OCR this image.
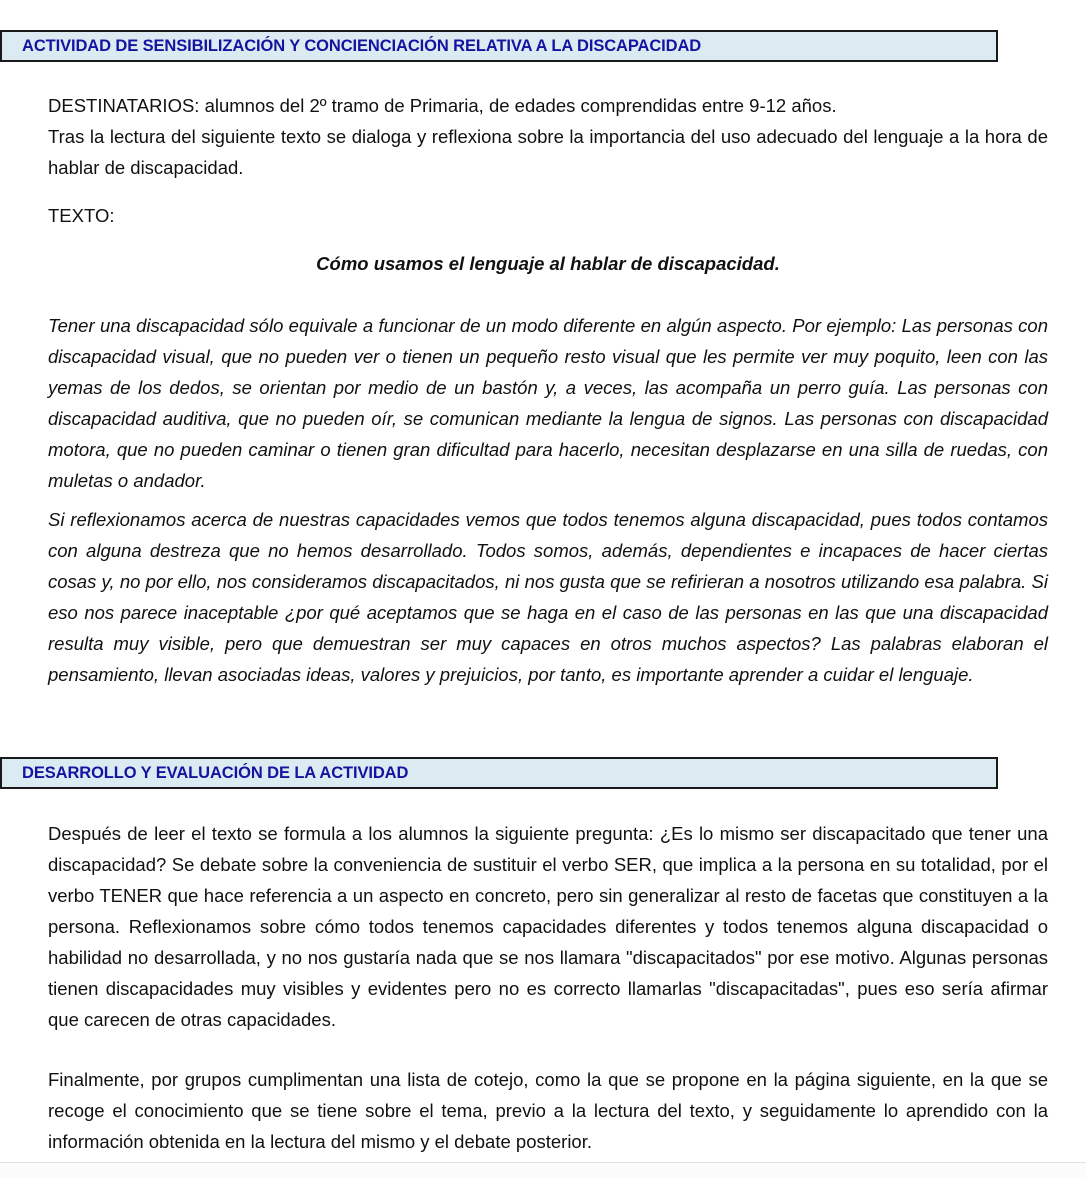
ACTIVIDAD DE SENSIBILIZACIÓN Y CONCIENCIACIÓN RELATIVA A LA DISCAPACIDAD

DESTINATARIOS: alumnos del 2º tramo de Primaria, de edades comprendidas entre 9-12 años.

Tras la lectura del siguiente texto se dialoga y reflexiona sobre la importancia del uso adecuado del lenguaje a la hora de hablar de discapacidad.

TEXTO:

Cómo usamos el lenguaje al hablar de discapacidad.

Tener una discapacidad sólo equivale a funcionar de un modo diferente en algún aspecto. Por ejemplo: Las personas con discapacidad visual, que no pueden ver o tienen un pequeño resto visual que les permite ver muy poquito, leen con las yemas de los dedos, se orientan por medio de un bastón y, a veces, las acompaña un perro guía. Las personas con discapacidad auditiva, que no pueden oír, se comunican mediante la lengua de signos. Las personas con discapacidad motora, que no pueden caminar o tienen gran dificultad para hacerlo, necesitan desplazarse en una silla de ruedas, con muletas o andador.

Si reflexionamos acerca de nuestras capacidades vemos que todos tenemos alguna discapacidad, pues todos contamos con alguna destreza que no hemos desarrollado. Todos somos, además, dependientes e incapaces de hacer ciertas cosas y, no por ello, nos consideramos discapacitados, ni nos gusta que se refirieran a nosotros utilizando esa palabra. Si eso nos parece inaceptable ¿por qué aceptamos que se haga en el caso de las personas en las que una discapacidad resulta muy visible, pero que demuestran ser muy capaces en otros muchos aspectos? Las palabras elaboran el pensamiento, llevan asociadas ideas, valores y prejuicios, por tanto, es importante aprender a cuidar el lenguaje.

DESARROLLO Y EVALUACIÓN DE LA ACTIVIDAD

Después de leer el texto se formula a los alumnos la siguiente pregunta: ¿Es lo mismo ser discapacitado que tener una discapacidad? Se debate sobre la conveniencia de sustituir el verbo SER, que implica a la persona en su totalidad, por el verbo TENER que hace referencia a un aspecto en concreto, pero sin generalizar al resto de facetas que constituyen a la persona. Reflexionamos sobre cómo todos tenemos capacidades diferentes y todos tenemos alguna discapacidad o habilidad no desarrollada, y no nos gustaría nada que se nos llamara "discapacitados" por ese motivo. Algunas personas tienen discapacidades muy visibles y evidentes pero no es correcto llamarlas "discapacitadas", pues eso sería afirmar que carecen de otras capacidades.

Finalmente, por grupos cumplimentan una lista de cotejo, como la que se propone en la página siguiente, en la que se recoge el conocimiento que se tiene sobre el tema, previo a la lectura del texto, y seguidamente lo aprendido con la información obtenida en la lectura del mismo y el debate posterior.
